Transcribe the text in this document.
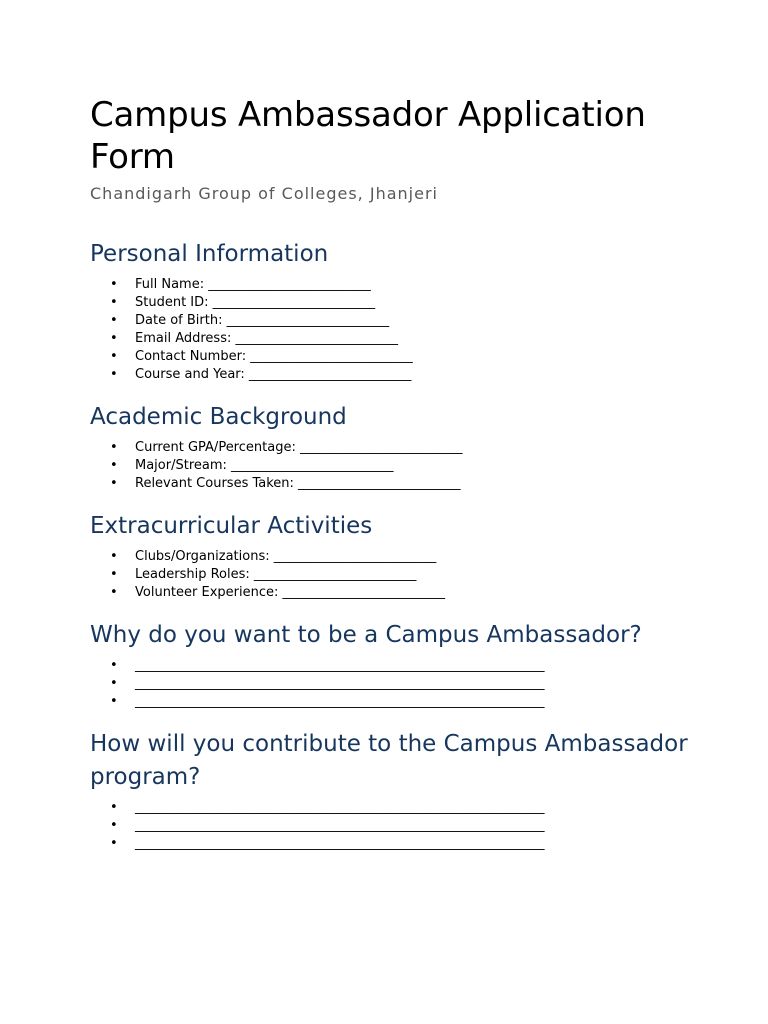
Campus Ambassador Application Form
Chandigarh Group of Colleges, Jhanjeri
Personal Information
• Full Name: _________________________
• Student ID: _________________________
• Date of Birth: _________________________
• Email Address: _________________________
• Contact Number: _________________________
• Course and Year: _________________________
Academic Background
• Current GPA/Percentage: _________________________
• Major/Stream: _________________________
• Relevant Courses Taken: _________________________
Extracurricular Activities
• Clubs/Organizations: _________________________
• Leadership Roles: _________________________
• Volunteer Experience: _________________________
Why do you want to be a Campus Ambassador?
• _______________________________________________________________
• _______________________________________________________________
• _______________________________________________________________
How will you contribute to the Campus Ambassador program?
• _______________________________________________________________
• _______________________________________________________________
• _______________________________________________________________
